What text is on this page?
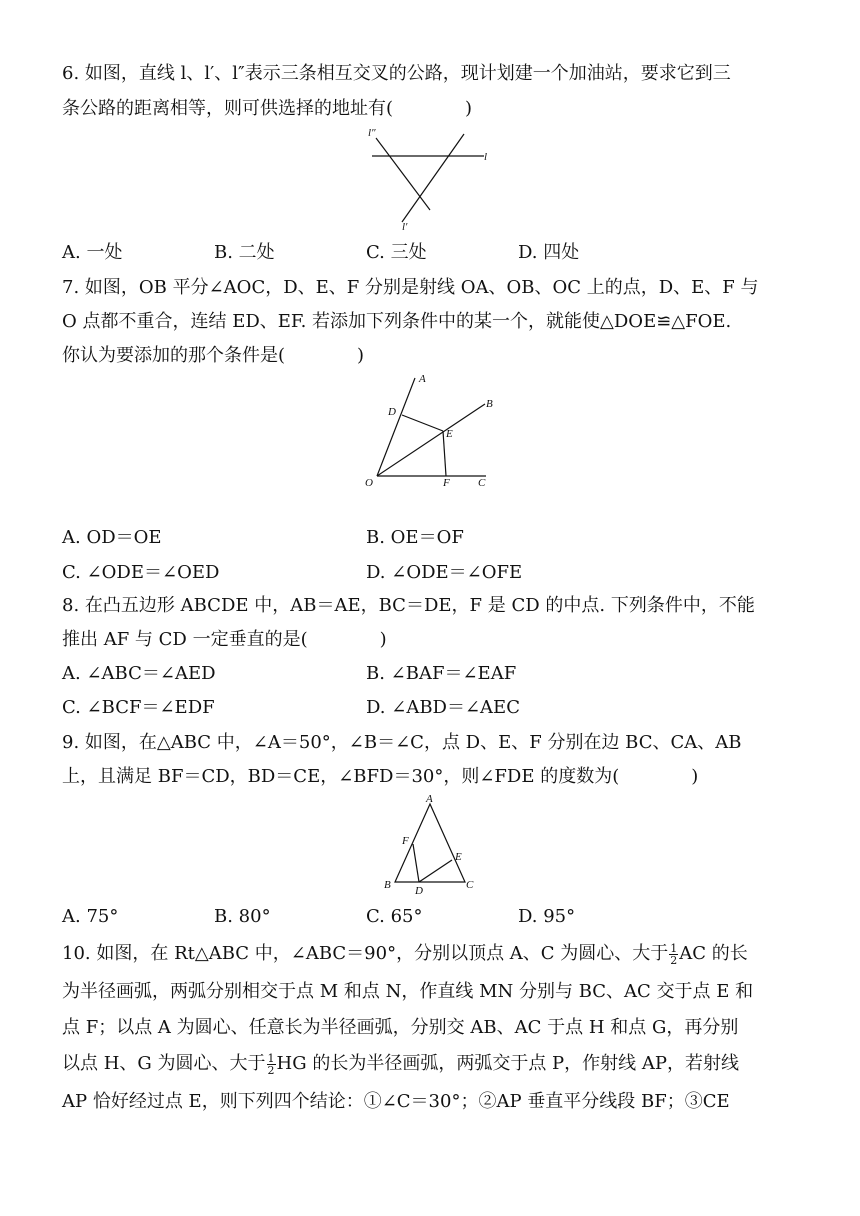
6. 如图，直线 l、l′、l″表示三条相互交叉的公路，现计划建一个加油站，要求它到三
条公路的距离相等，则可供选择的地址有(　　　　)
l″
l
l′
A. 一处	B. 二处	C. 三处	D. 四处
7. 如图，OB 平分∠AOC，D、E、F 分别是射线 OA、OB、OC 上的点，D、E、F 与
O 点都不重合，连结 ED、EF. 若添加下列条件中的某一个，就能使△DOE≌△FOE.
你认为要添加的那个条件是(　　　　)
A
B
C
D
E
F
O
A. OD＝OE	B. OE＝OF
C. ∠ODE＝∠OED	D. ∠ODE＝∠OFE
8. 在凸五边形 ABCDE 中，AB＝AE，BC＝DE，F 是 CD 的中点. 下列条件中，不能
推出 AF 与 CD 一定垂直的是(　　　　)
A. ∠ABC＝∠AED	B. ∠BAF＝∠EAF
C. ∠BCF＝∠EDF	D. ∠ABD＝∠AEC
9. 如图，在△ABC 中，∠A＝50°，∠B＝∠C，点 D、E、F 分别在边 BC、CA、AB
上，且满足 BF＝CD，BD＝CE，∠BFD＝30°，则∠FDE 的度数为(　　　　)
A
B	C
D
E
F
A. 75°	B. 80°	C. 65°	D. 95°
10. 如图，在 Rt△ABC 中，∠ABC＝90°，分别以顶点 A、C 为圆心、大于 $\frac{1}{2}$ AC 的长
为半径画弧，两弧分别相交于点 M 和点 N，作直线 MN 分别与 BC、AC 交于点 E 和
点 F；以点 A 为圆心、任意长为半径画弧，分别交 AB、AC 于点 H 和点 G，再分别
以点 H、G 为圆心、大于 $\frac{1}{2}$ HG 的长为半径画弧，两弧交于点 P，作射线 AP，若射线
AP 恰好经过点 E，则下列四个结论：①∠C＝30°；②AP 垂直平分线段 BF；③CE
